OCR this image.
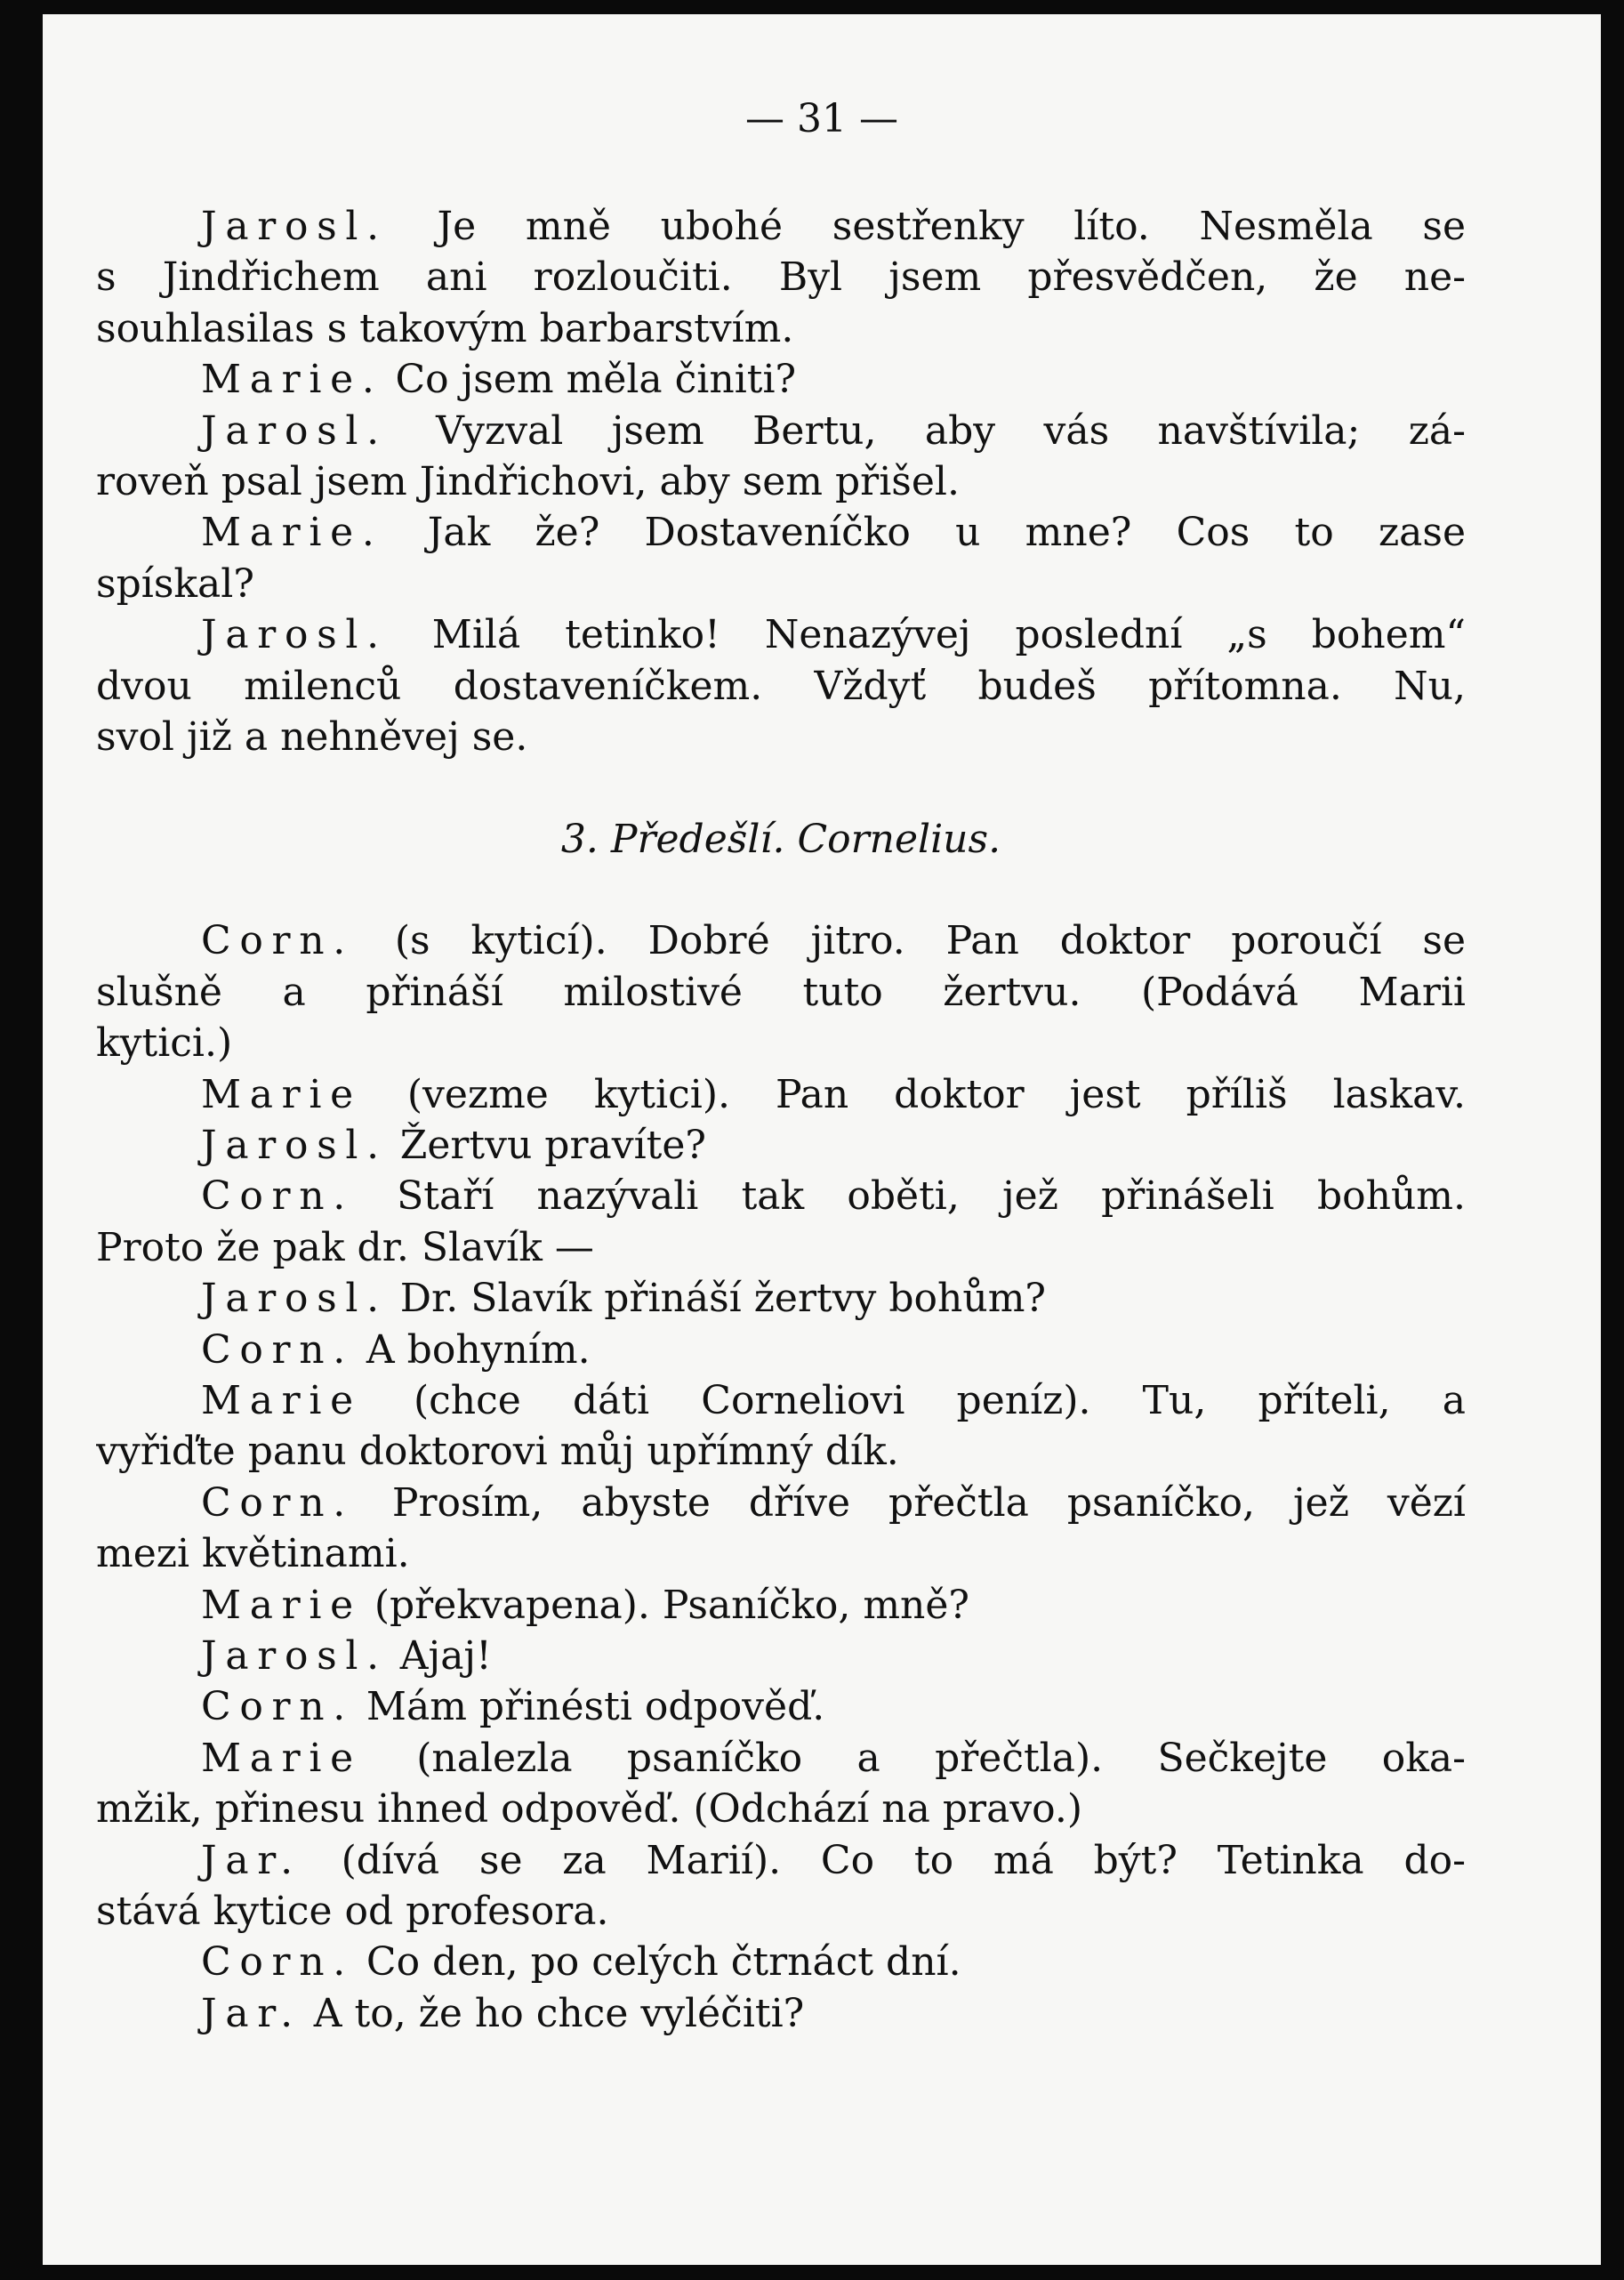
— 31 —
Jarosl. Je mně ubohé sestřenky líto. Nesměla se
s Jindřichem ani rozloučiti. Byl jsem přesvědčen, že ne-
souhlasilas s takovým barbarstvím.
Marie. Co jsem měla činiti?
Jarosl. Vyzval jsem Bertu, aby vás navštívila; zá-
roveň psal jsem Jindřichovi, aby sem přišel.
Marie. Jak že? Dostaveníčko u mne? Cos to zase
spískal?
Jarosl. Milá tetinko! Nenazývej poslední „s bohem“
dvou milenců dostaveníčkem. Vždyť budeš přítomna. Nu,
svol již a nehněvej se.
3. Předešlí. Cornelius.
Corn. (s kyticí). Dobré jitro. Pan doktor poroučí se
slušně a přináší milostivé tuto žertvu. (Podává Marii
kytici.)
Marie (vezme kytici). Pan doktor jest příliš laskav.
Jarosl. Žertvu pravíte?
Corn. Staří nazývali tak oběti, jež přinášeli bohům.
Proto že pak dr. Slavík —
Jarosl. Dr. Slavík přináší žertvy bohům?
Corn. A bohyním.
Marie (chce dáti Corneliovi peníz). Tu, příteli, a
vyřiďte panu doktorovi můj upřímný dík.
Corn. Prosím, abyste dříve přečtla psaníčko, jež vězí
mezi květinami.
Marie (překvapena). Psaníčko, mně?
Jarosl. Ajaj!
Corn. Mám přinésti odpověď.
Marie (nalezla psaníčko a přečtla). Sečkejte oka-
mžik, přinesu ihned odpověď. (Odchází na pravo.)
Jar. (dívá se za Marií). Co to má být? Tetinka do-
stává kytice od profesora.
Corn. Co den, po celých čtrnáct dní.
Jar. A to, že ho chce vyléčiti?
